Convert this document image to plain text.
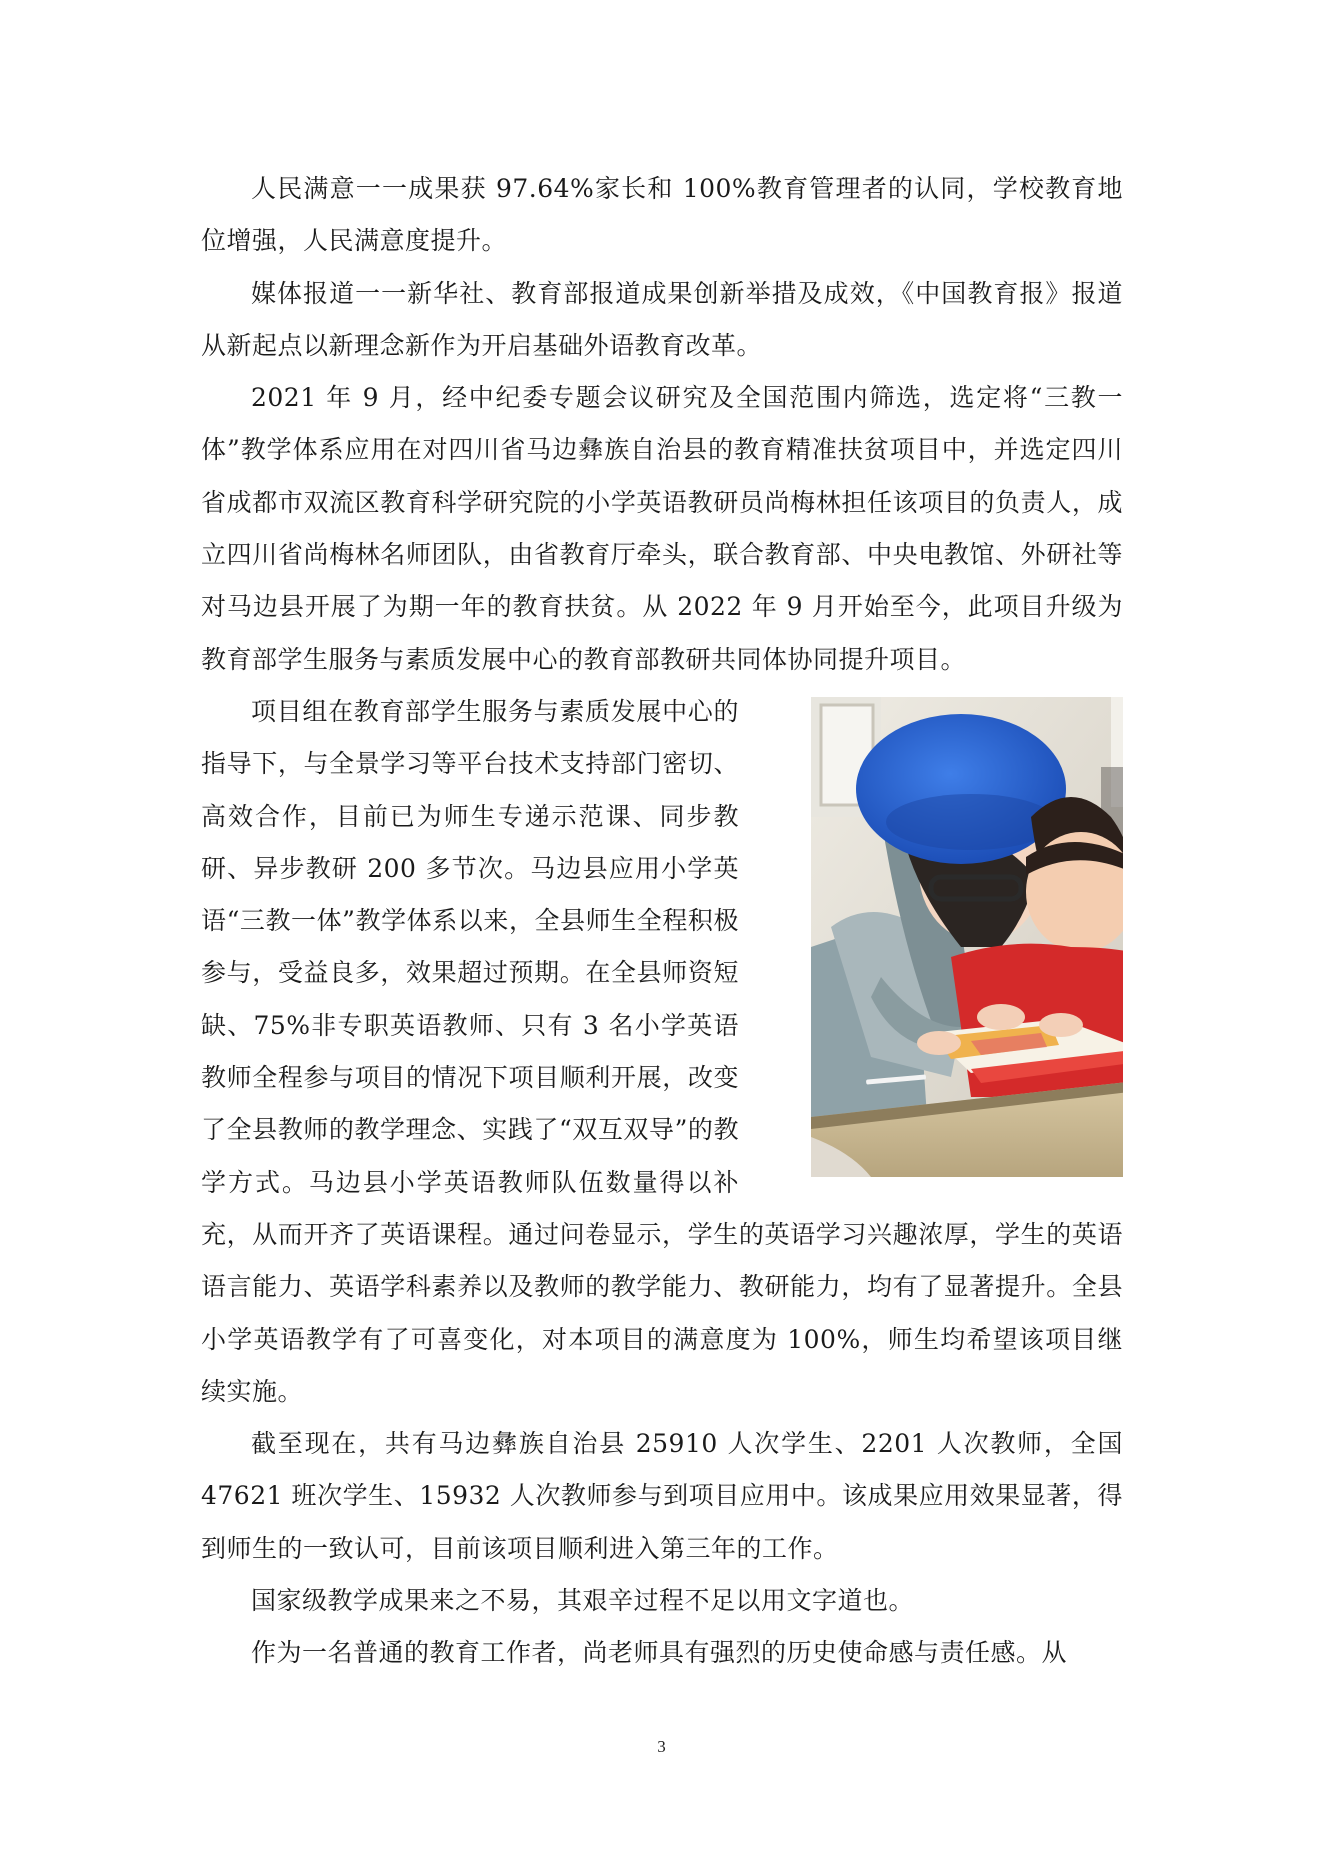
人民满意一一成果获 97.64%家长和 100%教育管理者的认同，学校教育地位增强，人民满意度提升。

媒体报道一一新华社、教育部报道成果创新举措及成效，《中国教育报》报道从新起点以新理念新作为开启基础外语教育改革。

2021 年 9 月，经中纪委专题会议研究及全国范围内筛选，选定将“三教一体”教学体系应用在对四川省马边彝族自治县的教育精准扶贫项目中，并选定四川省成都市双流区教育科学研究院的小学英语教研员尚梅林担任该项目的负责人，成立四川省尚梅林名师团队，由省教育厅牵头，联合教育部、中央电教馆、外研社等对马边县开展了为期一年的教育扶贫。从 2022 年 9 月开始至今，此项目升级为教育部学生服务与素质发展中心的教育部教研共同体协同提升项目。

项目组在教育部学生服务与素质发展中心的指导下，与全景学习等平台技术支持部门密切、高效合作，目前已为师生专递示范课、同步教研、异步教研 200 多节次。马边县应用小学英语“三教一体”教学体系以来，全县师生全程积极参与，受益良多，效果超过预期。在全县师资短缺、75%非专职英语教师、只有 3 名小学英语教师全程参与项目的情况下项目顺利开展，改变了全县教师的教学理念、实践了“双互双导”的教学方式。马边县小学英语教师队伍数量得以补充，从而开齐了英语课程。通过问卷显示，学生的英语学习兴趣浓厚，学生的英语语言能力、英语学科素养以及教师的教学能力、教研能力，均有了显著提升。全县小学英语教学有了可喜变化，对本项目的满意度为 100%，师生均希望该项目继续实施。

截至现在，共有马边彝族自治县 25910 人次学生、2201 人次教师，全国 47621 班次学生、15932 人次教师参与到项目应用中。该成果应用效果显著，得到师生的一致认可，目前该项目顺利进入第三年的工作。

国家级教学成果来之不易，其艰辛过程不足以用文字道也。

作为一名普通的教育工作者，尚老师具有强烈的历史使命感与责任感。从

3
